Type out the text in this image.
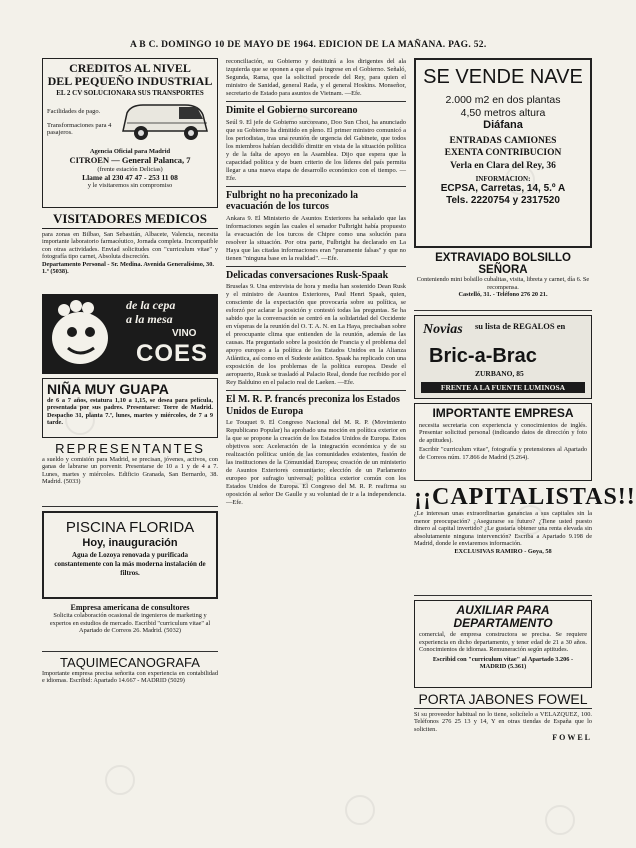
A B C. DOMINGO 10 DE MAYO DE 1964. EDICION DE LA MAÑANA. PAG. 52.
CREDITOS AL NIVEL
DEL PEQUEÑO INDUSTRIAL
EL 2 CV SOLUCIONARA SUS TRANSPORTES
Facilidades de pago.
Transformaciones para 4 pasajeros.
Agencia Oficial para Madrid
CITROEN — General Palanca, 7
(frente estación Delicias)
Llame al 230 47 47 - 253 11 08
y le visitaremos sin compromiso
VISITADORES MEDICOS
para zonas en Bilbao, San Sebastián, Albacete, Valencia, necesita importante laboratorio farmacéutico, Jornada completa. Incompatible con otras actividades. Enviad solicitudes con "curriculum vitae" y fotografía tipo carnet, Absoluta discreción.
Departamento Personal - Sr. Medina. Avenida Generalísimo, 30. 1.º (5038).
de la cepa
a la mesa
VINO
COES
NIÑA MUY GUAPA
de 6 a 7 años, estatura 1,10 a 1,15, se desea para película, presentada por sus padres. Presentarse: Torre de Madrid. Despacho 31, planta 7.ª, lunes, martes y miércoles, de 7 a 9 tarde.
REPRESENTANTES
a sueldo y comisión para Madrid, se precisan, jóvenes, activos, con ganas de labrarse un porvenir. Presentarse de 10 a 1 y de 4 a 7. Lunes, martes y miércoles. Edificio Granada, San Bernardo, 38. Madrid. (5033)
PISCINA FLORIDA
Hoy, inauguración
Agua de Lozoya renovada y purificada constantemente con la más moderna instalación de filtros.
Empresa americana de consultores
Solicita colaboración ocasional de ingenieros de marketing y expertos en estudios de mercado. Escribid "curriculum vitae" al Apartado de Correos 26. Madrid. (5032)
TAQUIMECANOGRAFA
Importante empresa precisa señorita con experiencia en contabilidad e idiomas. Escribid: Apartado 14.667 - MADRID (5029)
reconciliación, su Gobierno y destituirá a los dirigentes del ala izquierda que se oponen a que el país ingrese en el Gobierno. Señaló, Segunda, Rama, que la solicitud procede del Rey, para quien el ministro de Sanidad, general Rada, y el general Hoskins. Monseñor, secretario de Estado para asuntos de Vietnam. —Efe.
Dimite el Gobierno surcoreano
Seúl 9. El jefe de Gobierno surcoreano, Doo Sun Choi, ha anunciado que su Gobierno ha dimitido en pleno. El primer ministro comunicó a los periodistas, tras una reunión de urgencia del Gabinete, que todos los miembros habían decidido dimitir en vista de la situación política y de la falta de apoyo en la Asamblea. Dijo que espera que la capacidad política y de buen criterio de los líderes del país permita llegar a una nueva etapa de desarrollo económico con el tiempo. —Efe.
Fulbright no ha preconizado la evacuación de los turcos
Ankara 9. El Ministerio de Asuntos Exteriores ha señalado que las informaciones según las cuales el senador Fulbright había propuesto la evacuación de los turcos de Chipre como una solución para resolver la situación. Por otra parte, Fulbright ha declarado en La Haya que las citadas informaciones eran "puramente falsas" y que no tienen "ninguna base en la realidad". —Efe.
Delicadas conversaciones Rusk-Spaak
Bruselas 9. Una entrevista de hora y media han sostenido Dean Rusk y el ministro de Asuntos Exteriores, Paul Henri Spaak, quien, consciente de la expectación que provocaría sobre su política, se esforzó por aclarar la posición y contestó todas las preguntas. Se ha sabido que la conversación se centró en la solidaridad del Occidente en vísperas de la reunión del O. T. A. N. en La Haya, precisaban sobre el preocupante clima que entienden de la reunión, además de las causas. Ha preguntado sobre la posición de Francia y el problema del apoyo europeo a la política de los Estados Unidos en la Alianza Atlántica, así como en el Sudeste asiático. Spaak ha replicado con una exposición de los problemas de la política europea. Desde el aeropuerto, Rusk se trasladó al Palacio Real, donde fue recibido por el Rey Balduino en el palacio real de Laeken. —Efe.
El M. R. P. francés preconiza los Estados Unidos de Europa
Le Touquet 9. El Congreso Nacional del M. R. P. (Movimiento Republicano Popular) ha aprobado una moción en política exterior en la que se propone la creación de los Estados Unidos de Europa. Estos objetivos son: Aceleración de la integración económica y de su realización política: unión de las comunidades existentes, fusión de las instituciones de la Comunidad Europea; creación de un ministerio de Asuntos Exteriores comunitario; elección de un Parlamento europeo por sufragio universal; política exterior común con los Estados Unidos de Europa. El Congreso del M. R. P. reafirma su oposición al señor De Gaulle y su voluntad de ir a la independencia.—Efe.
SE VENDE NAVE
2.000 m2 en dos plantas
4,50 metros altura
Diáfana
ENTRADAS CAMIONES
EXENTA CONTRIBUCION
Verla en Clara del Rey, 36
INFORMACION:
ECPSA, Carretas, 14, 5.º A
Tels. 2220754 y 2317520
EXTRAVIADO BOLSILLO
SEÑORA
Conteniendo mini bolsillo cubalitas, visita, libreta y carnet, día 6. Se recompensa.
Castelló, 31. - Teléfono 276 20 21.
Novias su lista de REGALOS en
Bric-a-Brac
ZURBANO, 85
FRENTE A LA FUENTE LUMINOSA
IMPORTANTE EMPRESA
necesita secretaria con experiencia y conocimientos de inglés. Presentar solicitud personal (indicando datos de dirección y foto de aptitudes).
Escribir "curriculum vitae", fotografía y pretensiones al Apartado de Correos núm. 17.866 de Madrid (5.264).
¡¡CAPITALISTAS!!
¿Le interesan unas extraordinarias ganancias a sus capitales sin la menor preocupación? ¿Asegurarse su futuro? ¿Tiene usted puesto dinero al capital invertido? ¿Le gustaría obtener una renta elevada sin absolutamente ninguna intervención? Escriba a Apartado 9.198 de Madrid, donde le enviaremos información.
EXCLUSIVAS RAMIRO - Goya, 58
AUXILIAR PARA DEPARTAMENTO
comercial, de empresa constructora se precisa. Se requiere experiencia en dicho departamento, y tener edad de 21 a 30 años. Conocimientos de idiomas. Remuneración según aptitudes.
Escribid con "curriculum vitae" al Apartado 3.206 - MADRID (5.361)
PORTA JABONES FOWEL
Si su proveedor habitual no lo tiene, solicítelo a VELAZQUEZ, 100. Teléfonos 276 25 13 y 14, Y en otras tiendas de España que lo soliciten.
FOWEL
